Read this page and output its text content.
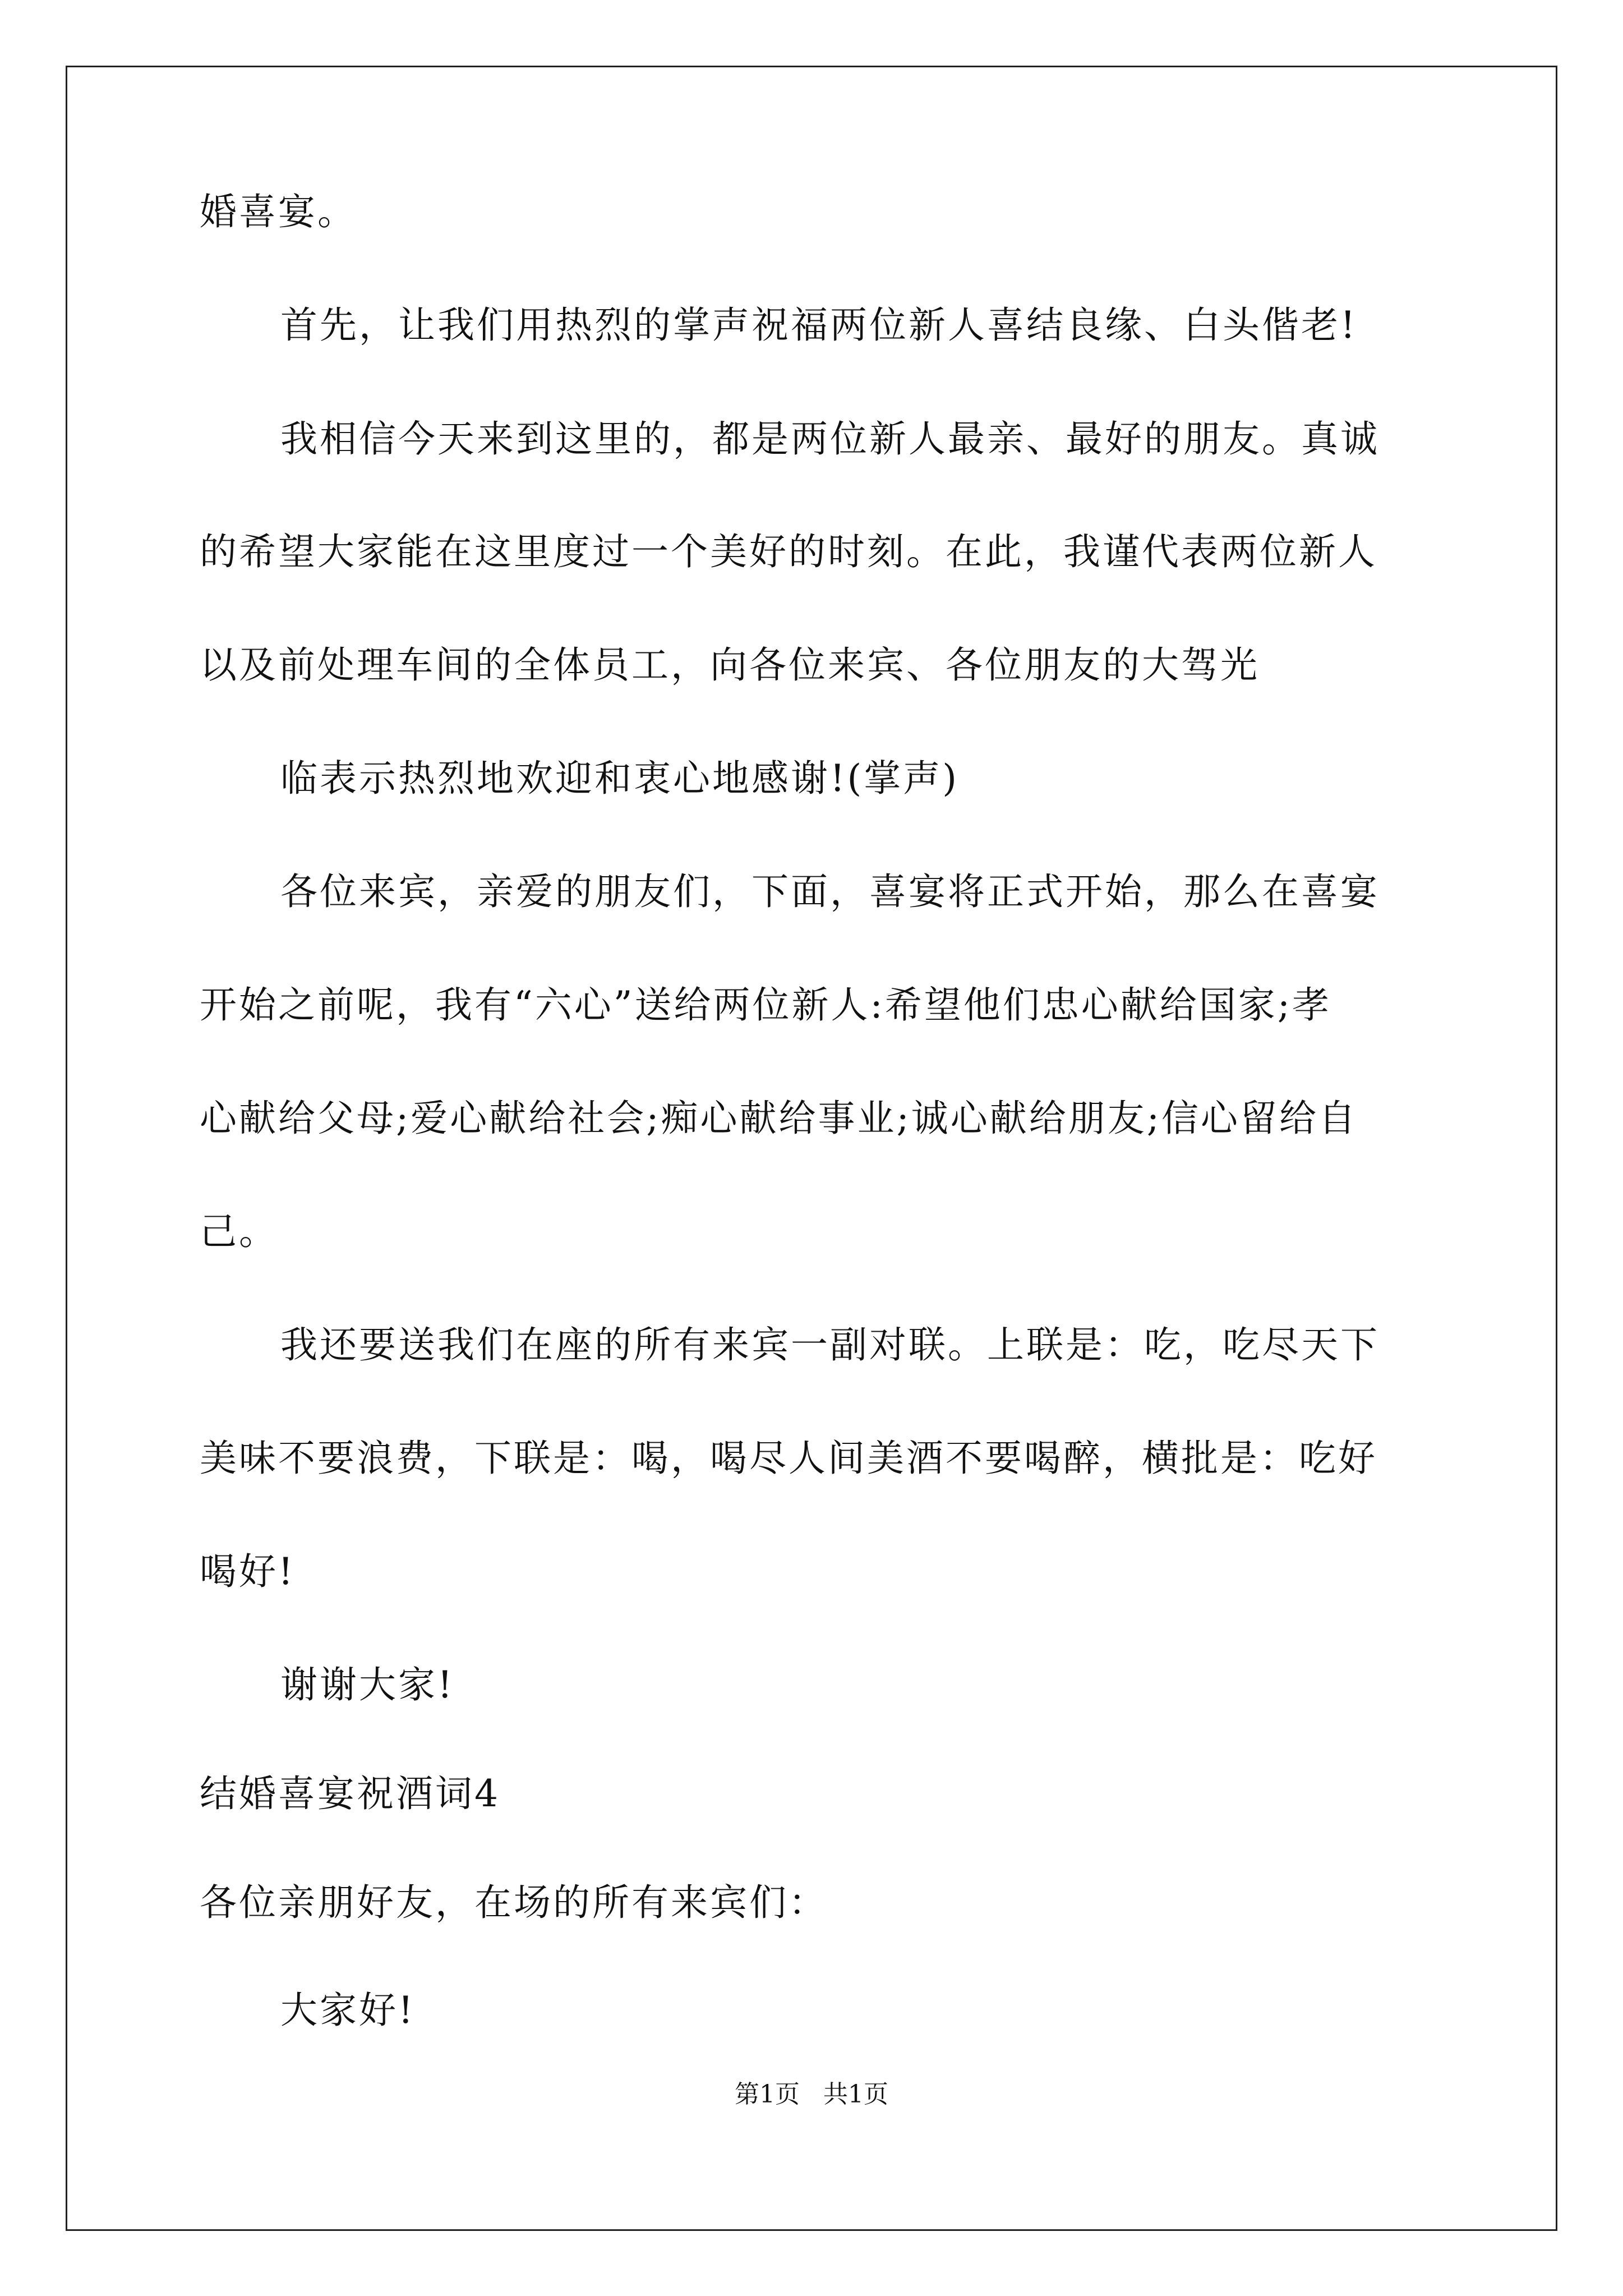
婚喜宴。
首先，让我们用热烈的掌声祝福两位新人喜结良缘、白头偕老!
我相信今天来到这里的，都是两位新人最亲、最好的朋友。真诚
的希望大家能在这里度过一个美好的时刻。在此，我谨代表两位新人
以及前处理车间的全体员工，向各位来宾、各位朋友的大驾光
临表示热烈地欢迎和衷心地感谢!(掌声)
各位来宾，亲爱的朋友们，下面，喜宴将正式开始，那么在喜宴
开始之前呢，我有“六心”送给两位新人:希望他们忠心献给国家;孝
心献给父母;爱心献给社会;痴心献给事业;诚心献给朋友;信心留给自
己。
我还要送我们在座的所有来宾一副对联。上联是：吃，吃尽天下
美味不要浪费，下联是：喝，喝尽人间美酒不要喝醉，横批是：吃好
喝好!
谢谢大家!
结婚喜宴祝酒词4
各位亲朋好友，在场的所有来宾们：
大家好!
第1页   共1页
